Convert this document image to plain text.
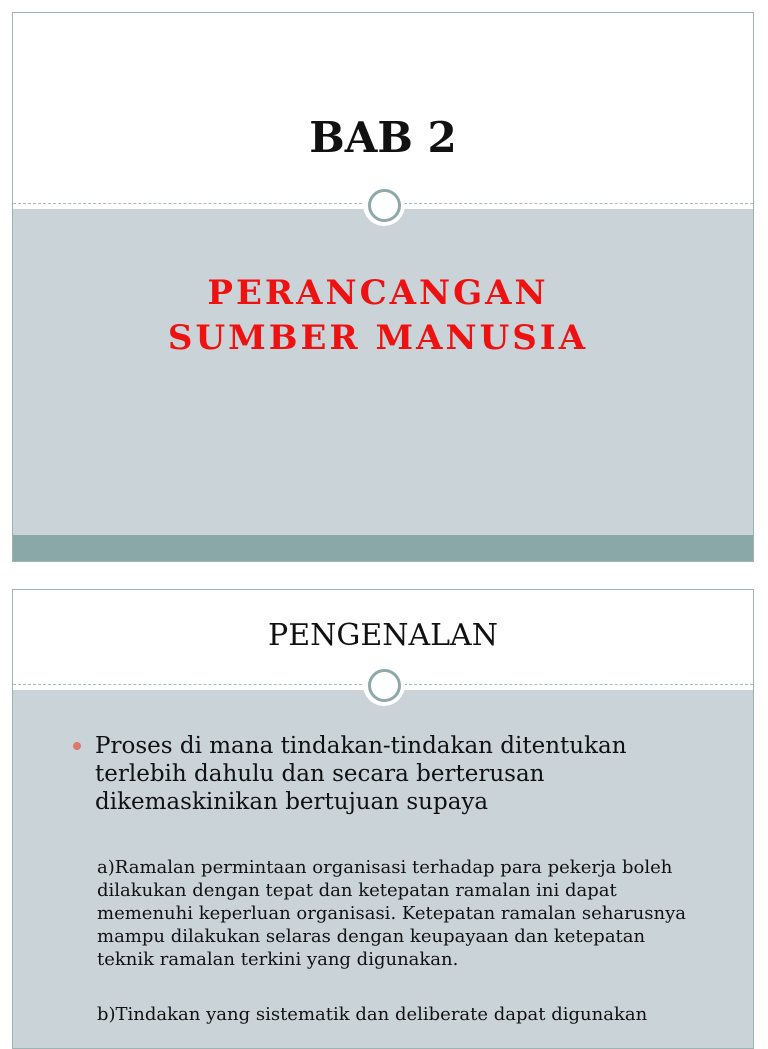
BAB 2
PERANCANGAN
SUMBER MANUSIA
PENGENALAN
Proses di mana tindakan-tindakan ditentukan terlebih dahulu dan secara berterusan dikemaskinikan bertujuan supaya
a)Ramalan permintaan organisasi terhadap para pekerja boleh dilakukan dengan tepat dan ketepatan ramalan ini dapat memenuhi keperluan organisasi. Ketepatan ramalan seharusnya mampu dilakukan selaras dengan keupayaan dan ketepatan teknik ramalan terkini yang digunakan.
b)Tindakan yang sistematik dan deliberate dapat digunakan
